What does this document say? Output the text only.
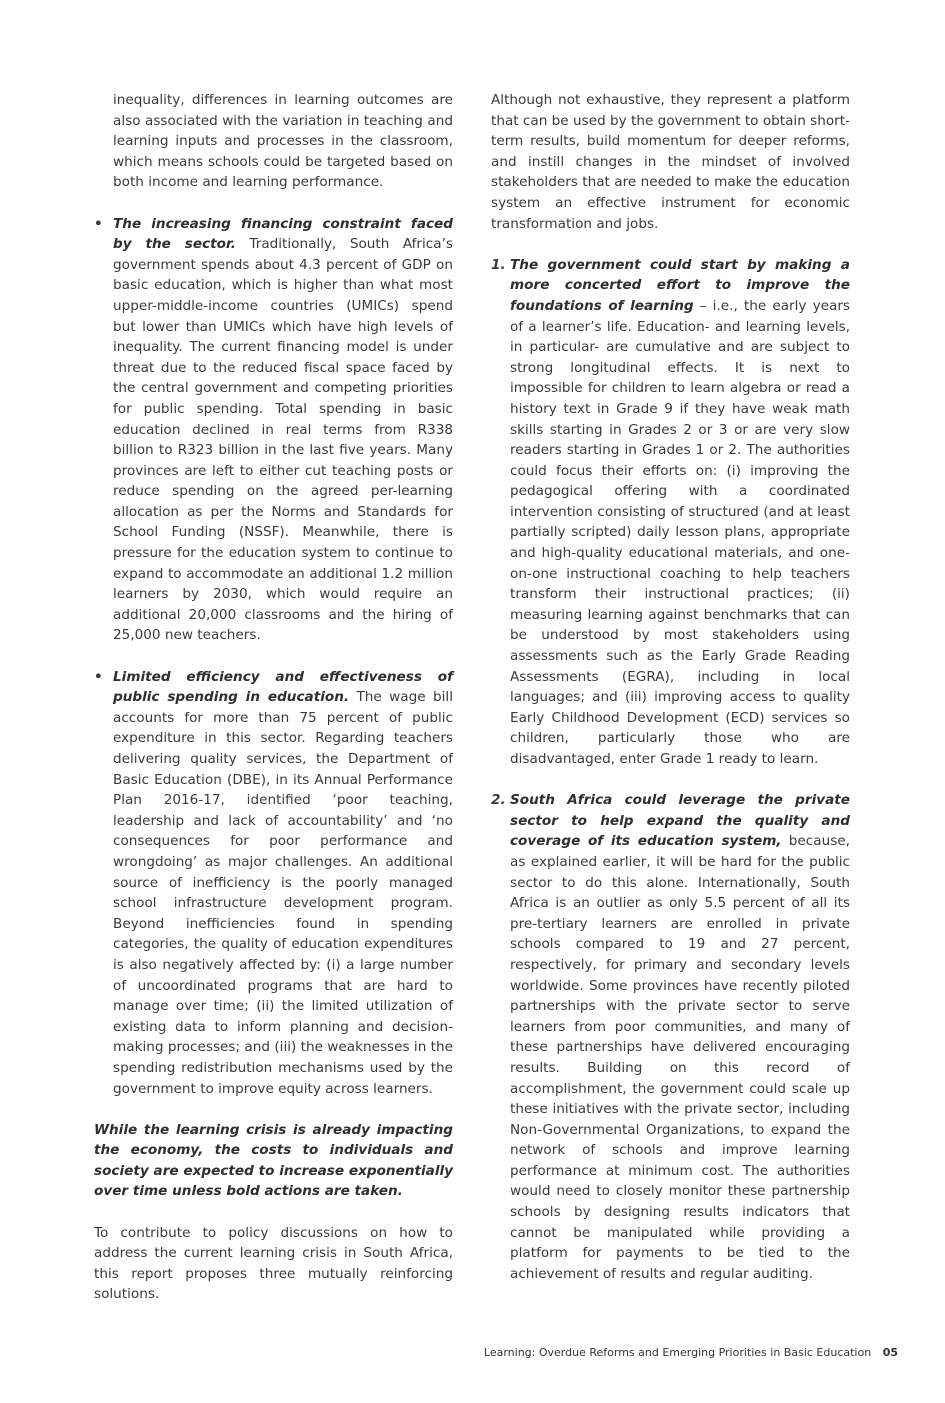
inequality, differences in learning outcomes are also associated with the variation in teaching and learning inputs and processes in the classroom, which means schools could be targeted based on both income and learning performance.

• The increasing financing constraint faced by the sector. Traditionally, South Africa’s government spends about 4.3 percent of GDP on basic education, which is higher than what most upper-middle-income countries (UMICs) spend but lower than UMICs which have high levels of inequality. The current financing model is under threat due to the reduced fiscal space faced by the central government and competing priorities for public spending. Total spending in basic education declined in real terms from R338 billion to R323 billion in the last five years. Many provinces are left to either cut teaching posts or reduce spending on the agreed per-learning allocation as per the Norms and Standards for School Funding (NSSF). Meanwhile, there is pressure for the education system to continue to expand to accommodate an additional 1.2 million learners by 2030, which would require an additional 20,000 classrooms and the hiring of 25,000 new teachers.
• Limited efficiency and effectiveness of public spending in education. The wage bill accounts for more than 75 percent of public expenditure in this sector. Regarding teachers delivering quality services, the Department of Basic Education (DBE), in its Annual Performance Plan 2016-17, identified ‘poor teaching, leadership and lack of accountability’ and ‘no consequences for poor performance and wrongdoing’ as major challenges. An additional source of inefficiency is the poorly managed school infrastructure development program. Beyond inefficiencies found in spending categories, the quality of education expenditures is also negatively affected by: (i) a large number of uncoordinated programs that are hard to manage over time; (ii) the limited utilization of existing data to inform planning and decision-making processes; and (iii) the weaknesses in the spending redistribution mechanisms used by the government to improve equity across learners.

While the learning crisis is already impacting the economy, the costs to individuals and society are expected to increase exponentially over time unless bold actions are taken.

To contribute to policy discussions on how to address the current learning crisis in South Africa, this report proposes three mutually reinforcing solutions.

Although not exhaustive, they represent a platform that can be used by the government to obtain short-term results, build momentum for deeper reforms, and instill changes in the mindset of involved stakeholders that are needed to make the education system an effective instrument for economic transformation and jobs.

1. The government could start by making a more concerted effort to improve the foundations of learning – i.e., the early years of a learner’s life. Education- and learning levels, in particular- are cumulative and are subject to strong longitudinal effects. It is next to impossible for children to learn algebra or read a history text in Grade 9 if they have weak math skills starting in Grades 2 or 3 or are very slow readers starting in Grades 1 or 2. The authorities could focus their efforts on: (i) improving the pedagogical offering with a coordinated intervention consisting of structured (and at least partially scripted) daily lesson plans, appropriate and high-quality educational materials, and one-on-one instructional coaching to help teachers transform their instructional practices; (ii) measuring learning against benchmarks that can be understood by most stakeholders using assessments such as the Early Grade Reading Assessments (EGRA), including in local languages; and (iii) improving access to quality Early Childhood Development (ECD) services so children, particularly those who are disadvantaged, enter Grade 1 ready to learn.
2. South Africa could leverage the private sector to help expand the quality and coverage of its education system, because, as explained earlier, it will be hard for the public sector to do this alone. Internationally, South Africa is an outlier as only 5.5 percent of all its pre-tertiary learners are enrolled in private schools compared to 19 and 27 percent, respectively, for primary and secondary levels worldwide. Some provinces have recently piloted partnerships with the private sector to serve learners from poor communities, and many of these partnerships have delivered encouraging results. Building on this record of accomplishment, the government could scale up these initiatives with the private sector, including Non-Governmental Organizations, to expand the network of schools and improve learning performance at minimum cost. The authorities would need to closely monitor these partnership schools by designing results indicators that cannot be manipulated while providing a platform for payments to be tied to the achievement of results and regular auditing.
Learning: Overdue Reforms and Emerging Priorities in Basic Education 05
